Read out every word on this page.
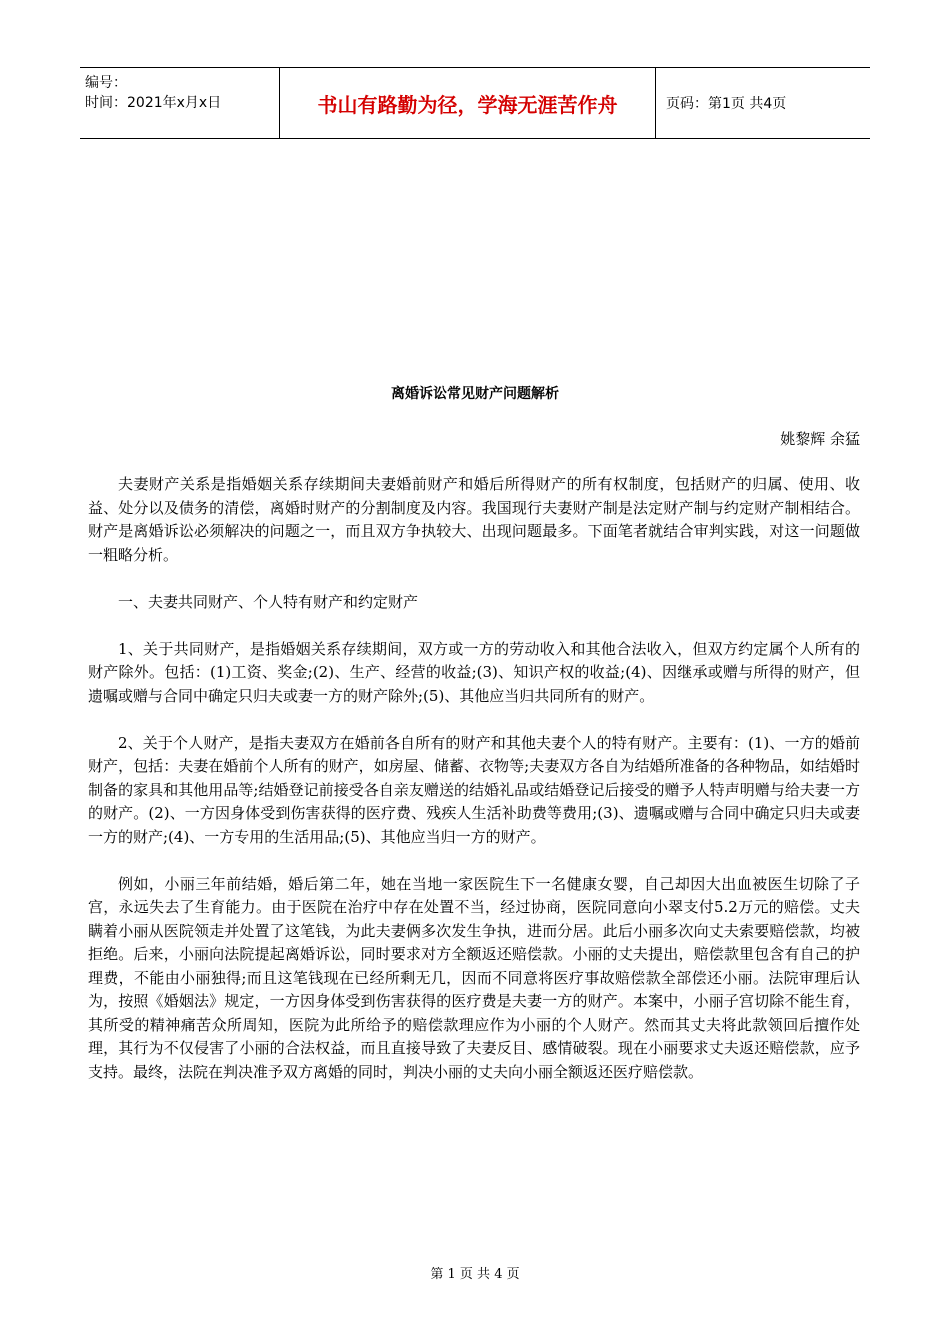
编号：
时间：2021年x月x日	书山有路勤为径，学海无涯苦作舟	页码：第1页 共4页
离婚诉讼常见财产问题解析
姚黎辉 余猛

夫妻财产关系是指婚姻关系存续期间夫妻婚前财产和婚后所得财产的所有权制度，包括财产的归属、使用、收益、处分以及债务的清偿，离婚时财产的分割制度及内容。我国现行夫妻财产制是法定财产制与约定财产制相结合。财产是离婚诉讼必须解决的问题之一，而且双方争执较大、出现问题最多。下面笔者就结合审判实践，对这一问题做一粗略分析。

一、夫妻共同财产、个人特有财产和约定财产

1、关于共同财产，是指婚姻关系存续期间，双方或一方的劳动收入和其他合法收入，但双方约定属个人所有的财产除外。包括：(1)工资、奖金;(2)、生产、经营的收益;(3)、知识产权的收益;(4)、因继承或赠与所得的财产，但遗嘱或赠与合同中确定只归夫或妻一方的财产除外;(5)、其他应当归共同所有的财产。

2、关于个人财产，是指夫妻双方在婚前各自所有的财产和其他夫妻个人的特有财产。主要有：(1)、一方的婚前财产，包括：夫妻在婚前个人所有的财产，如房屋、储蓄、衣物等;夫妻双方各自为结婚所准备的各种物品，如结婚时制备的家具和其他用品等;结婚登记前接受各自亲友赠送的结婚礼品或结婚登记后接受的赠予人特声明赠与给夫妻一方的财产。(2)、一方因身体受到伤害获得的医疗费、残疾人生活补助费等费用;(3)、遗嘱或赠与合同中确定只归夫或妻一方的财产;(4)、一方专用的生活用品;(5)、其他应当归一方的财产。

例如，小丽三年前结婚，婚后第二年，她在当地一家医院生下一名健康女婴，自己却因大出血被医生切除了子宫，永远失去了生育能力。由于医院在治疗中存在处置不当，经过协商，医院同意向小翠支付5.2万元的赔偿。丈夫瞒着小丽从医院领走并处置了这笔钱，为此夫妻俩多次发生争执，进而分居。此后小丽多次向丈夫索要赔偿款，均被拒绝。后来，小丽向法院提起离婚诉讼，同时要求对方全额返还赔偿款。小丽的丈夫提出，赔偿款里包含有自己的护理费，不能由小丽独得;而且这笔钱现在已经所剩无几，因而不同意将医疗事故赔偿款全部偿还小丽。法院审理后认为，按照《婚姻法》规定，一方因身体受到伤害获得的医疗费是夫妻一方的财产。本案中，小丽子宫切除不能生育，其所受的精神痛苦众所周知，医院为此所给予的赔偿款理应作为小丽的个人财产。然而其丈夫将此款领回后擅作处理，其行为不仅侵害了小丽的合法权益，而且直接导致了夫妻反目、感情破裂。现在小丽要求丈夫返还赔偿款，应予支持。最终，法院在判决准予双方离婚的同时，判决小丽的丈夫向小丽全额返还医疗赔偿款。

第 1 页 共 4 页
